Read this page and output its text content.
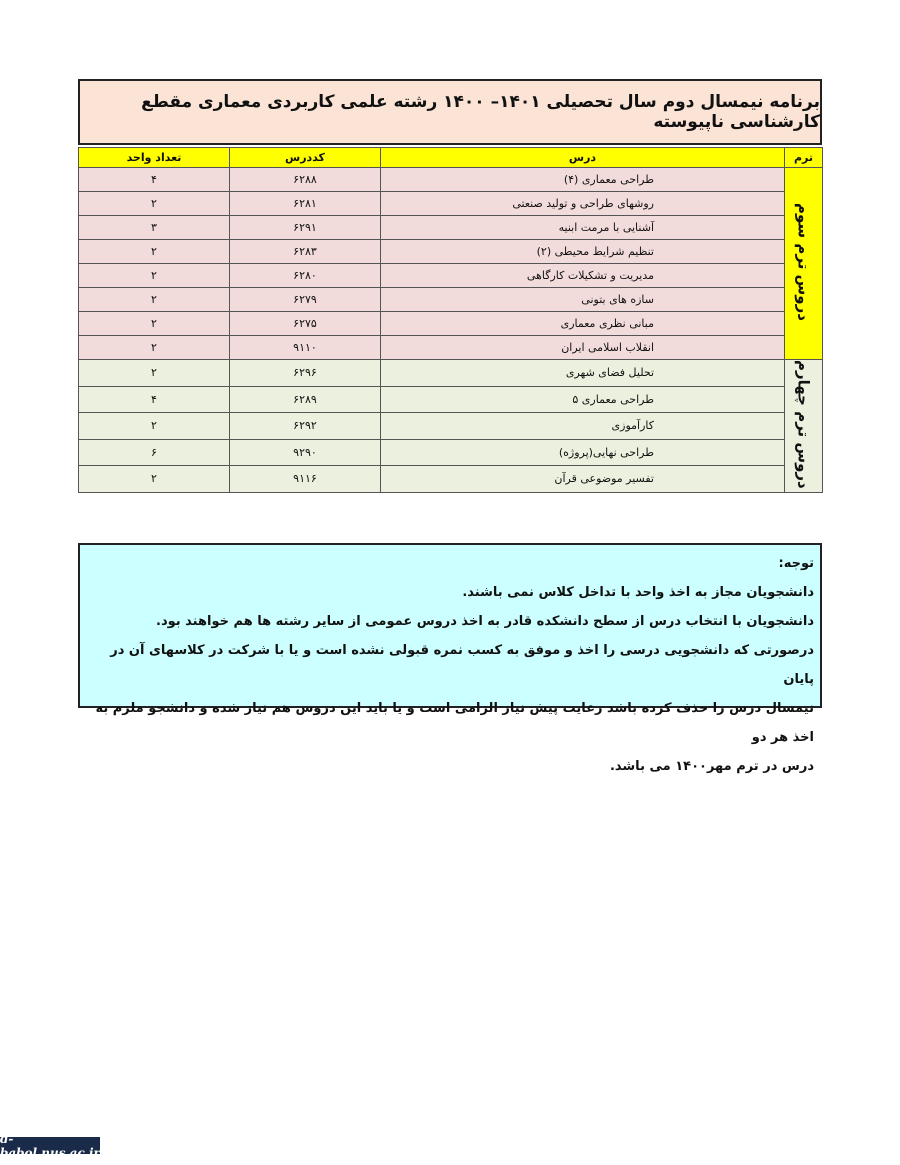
برنامه نیمسال دوم سال تحصیلی ۱۴۰۱– ۱۴۰۰ رشته علمی کاربردی معماری مقطع کارشناسی ناپیوسته
ترم	درس	کددرس	تعداد واحد
دروس ترم سوم	طراحی معماری (۴)	۶۲۸۸	۴
	روشهای طراحی و تولید صنعتی	۶۲۸۱	۲
	آشنایی با مرمت ابنیه	۶۲۹۱	۳
	تنظیم شرایط محیطی (۲)	۶۲۸۳	۲
	مدیریت و تشکیلات کارگاهی	۶۲۸۰	۲
	سازه های بتونی	۶۲۷۹	۲
	مبانی نظری معماری	۶۲۷۵	۲
	انقلاب اسلامی ایران	۹۱۱۰	۲
دروس ترم چهارم	تحلیل فضای شهری	۶۲۹۶	۲
	طراحی معماری ۵	۶۲۸۹	۴
	کارآموزی	۶۲۹۲	۲
	طراحی نهایی(پروژه)	۹۲۹۰	۶
	تفسیر موضوعی قرآن	۹۱۱۶	۲
توجه:
دانشجویان مجاز به اخذ واحد با تداخل کلاس نمی باشند.
دانشجویان با انتخاب درس از سطح دانشکده قادر به اخذ دروس عمومی از سایر رشته ها هم خواهند بود.
درصورتی که دانشجویی درسی را اخذ و موفق به کسب نمره قبولی نشده است و یا با شرکت در کلاسهای آن در پایان
نیمسال درس را حذف کرده باشد رعایت پیش نیاز الزامی است و یا باید این دروس هم نیاز شده و دانشجو ملزم به اخذ هر دو
درس در ترم مهر۱۴۰۰ می باشد.
d-babol.nus.ac.ir
